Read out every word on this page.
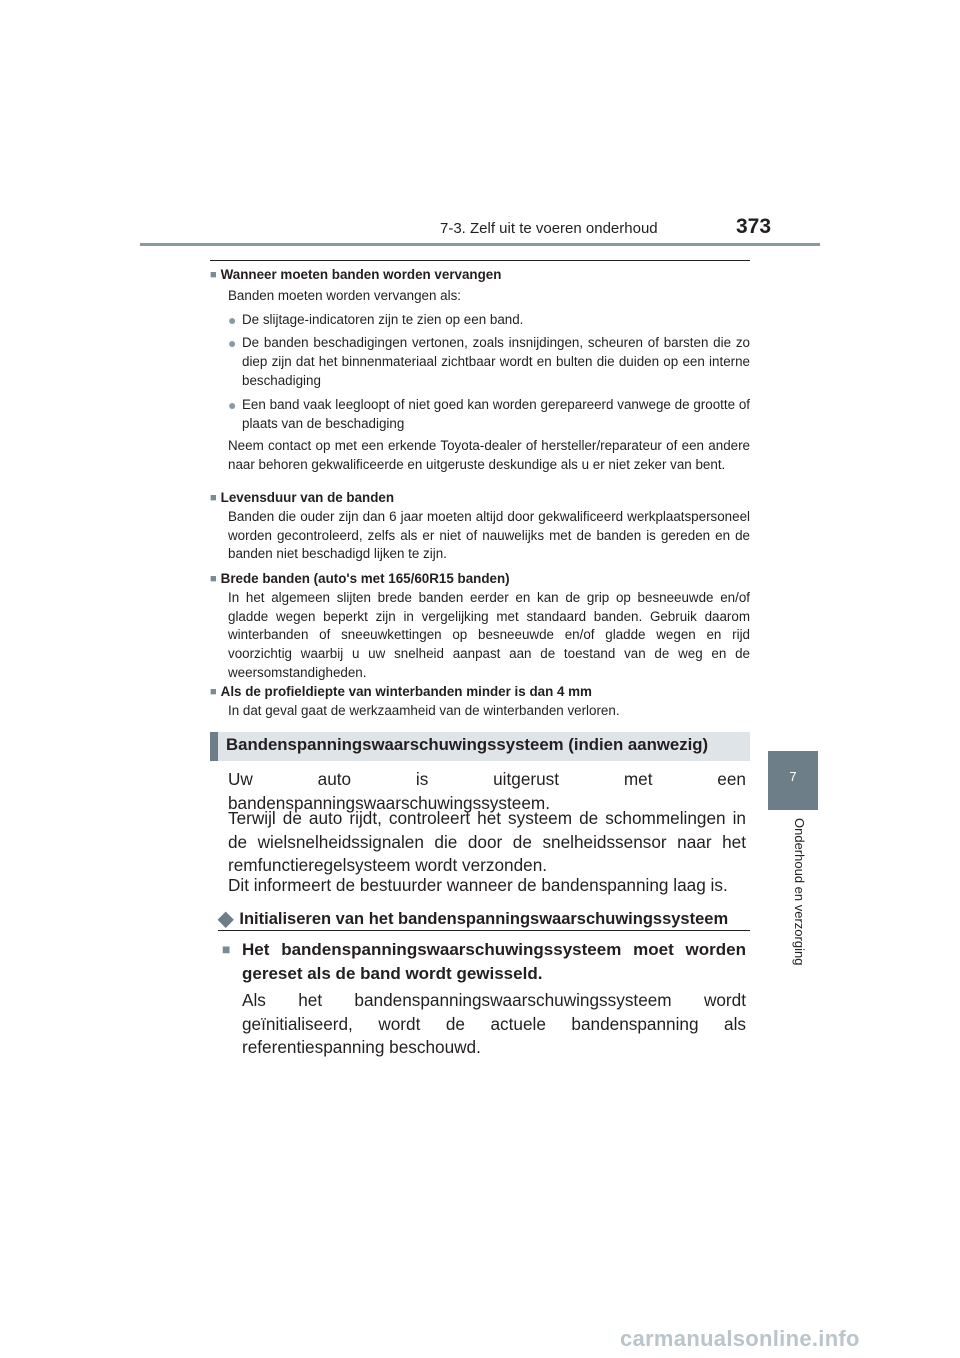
7-3. Zelf uit te voeren onderhoud	373
7
Onderhoud en verzorging
■ Wanneer moeten banden worden vervangen
Banden moeten worden vervangen als:
● De slijtage-indicatoren zijn te zien op een band.
● De banden beschadigingen vertonen, zoals insnijdingen, scheuren of barsten die zo diep zijn dat het binnenmateriaal zichtbaar wordt en bulten die duiden op een interne beschadiging
● Een band vaak leegloopt of niet goed kan worden gerepareerd vanwege de grootte of plaats van de beschadiging
Neem contact op met een erkende Toyota-dealer of hersteller/reparateur of een andere naar behoren gekwalificeerde en uitgeruste deskundige als u er niet zeker van bent.
■ Levensduur van de banden
Banden die ouder zijn dan 6 jaar moeten altijd door gekwalificeerd werkplaatspersoneel worden gecontroleerd, zelfs als er niet of nauwelijks met de banden is gereden en de banden niet beschadigd lijken te zijn.
■ Brede banden (auto's met 165/60R15 banden)
In het algemeen slijten brede banden eerder en kan de grip op besneeuwde en/of gladde wegen beperkt zijn in vergelijking met standaard banden. Gebruik daarom winterbanden of sneeuwkettingen op besneeuwde en/of gladde wegen en rijd voorzichtig waarbij u uw snelheid aanpast aan de toestand van de weg en de weersomstandigheden.
■ Als de profieldiepte van winterbanden minder is dan 4 mm
In dat geval gaat de werkzaamheid van de winterbanden verloren.
Bandenspanningswaarschuwingssysteem (indien aanwezig)
Uw auto is uitgerust met een bandenspanningswaarschuwingssysteem.
Terwijl de auto rijdt, controleert het systeem de schommelingen in de wielsnelheidssignalen die door de snelheidssensor naar het remfunctieregelsysteem wordt verzonden.
Dit informeert de bestuurder wanneer de bandenspanning laag is.
◆ Initialiseren van het bandenspanningswaarschuwingssysteem
■ Het bandenspanningswaarschuwingssysteem moet worden gereset als de band wordt gewisseld.
Als het bandenspanningswaarschuwingssysteem wordt geïnitialiseerd, wordt de actuele bandenspanning als referentiespanning beschouwd.
carmanualsonline.info
